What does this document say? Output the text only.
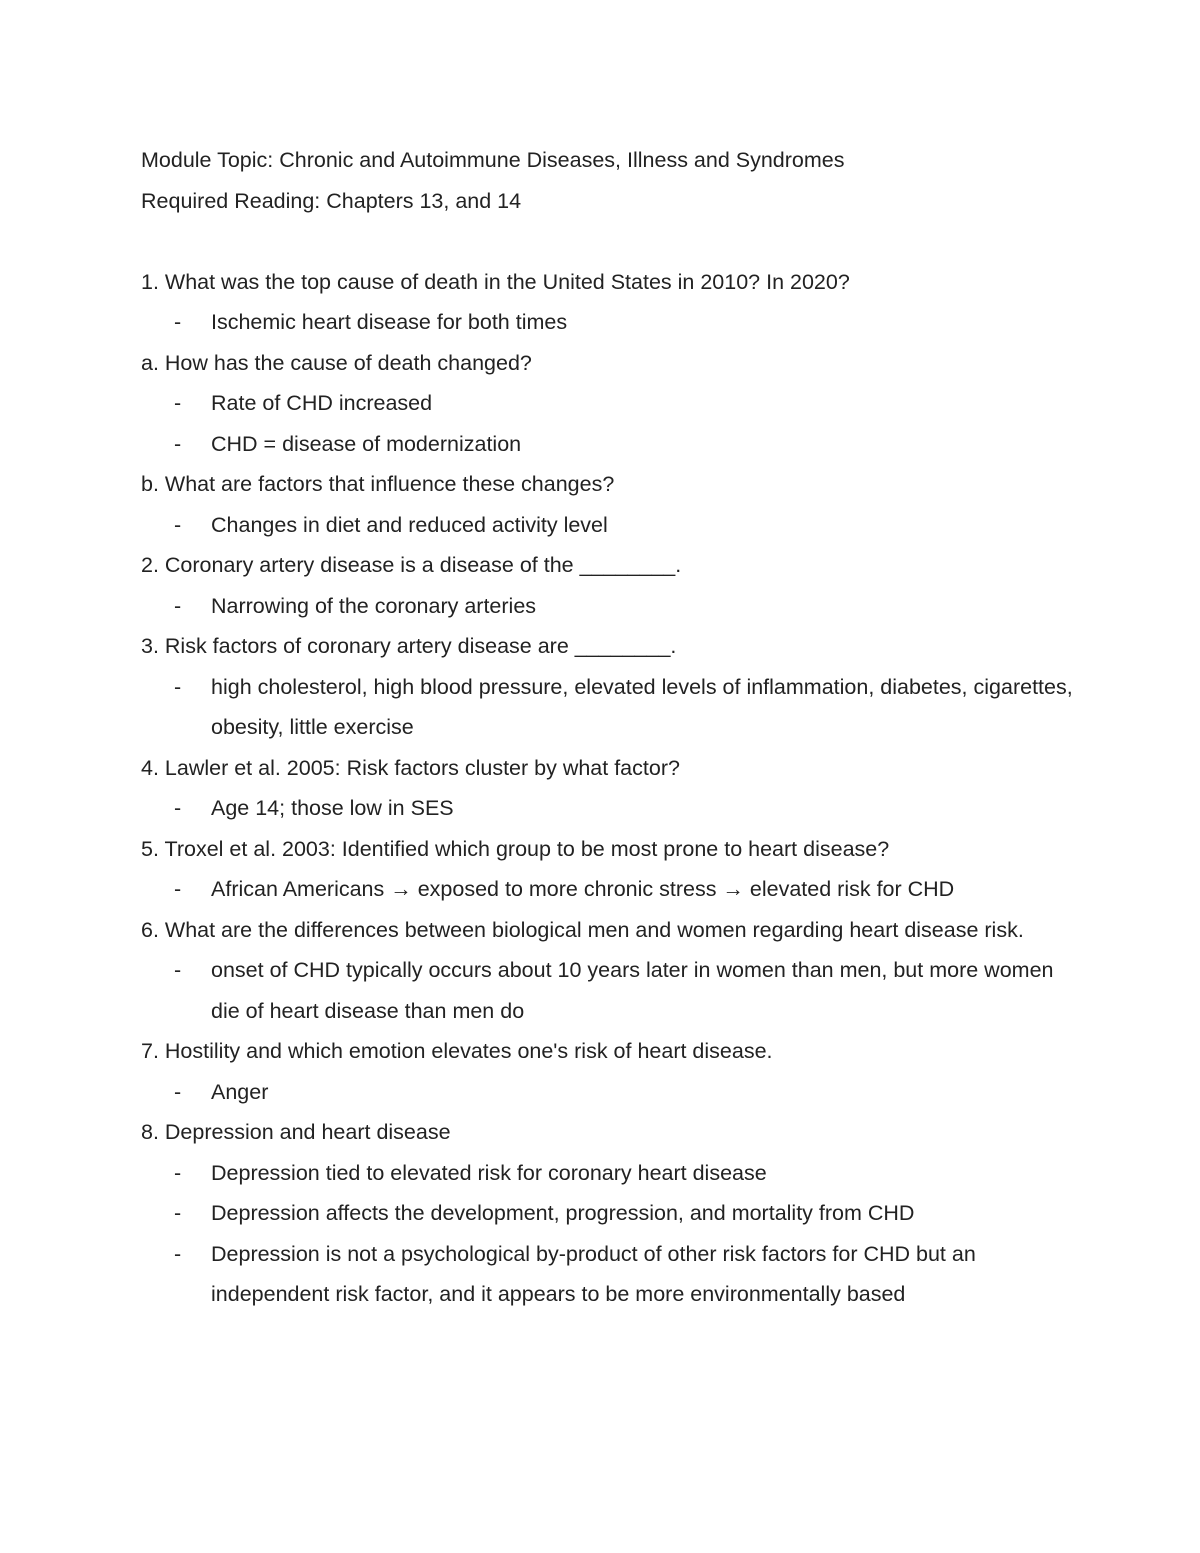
Module Topic: Chronic and Autoimmune Diseases, Illness and Syndromes
Required Reading: Chapters 13, and 14
1. What was the top cause of death in the United States in 2010? In 2020?
- Ischemic heart disease for both times
a. How has the cause of death changed?
- Rate of CHD increased
- CHD = disease of modernization
b. What are factors that influence these changes?
- Changes in diet and reduced activity level
2. Coronary artery disease is a disease of the ________.
- Narrowing of the coronary arteries
3. Risk factors of coronary artery disease are ________.
- high cholesterol, high blood pressure, elevated levels of inflammation, diabetes, cigarettes, obesity, little exercise
4. Lawler et al. 2005: Risk factors cluster by what factor?
- Age 14; those low in SES
5. Troxel et al. 2003: Identified which group to be most prone to heart disease?
- African Americans → exposed to more chronic stress → elevated risk for CHD
6. What are the differences between biological men and women regarding heart disease risk.
- onset of CHD typically occurs about 10 years later in women than men, but more women die of heart disease than men do
7. Hostility and which emotion elevates one's risk of heart disease.
- Anger
8. Depression and heart disease
- Depression tied to elevated risk for coronary heart disease
- Depression affects the development, progression, and mortality from CHD
- Depression is not a psychological by-product of other risk factors for CHD but an independent risk factor, and it appears to be more environmentally based
